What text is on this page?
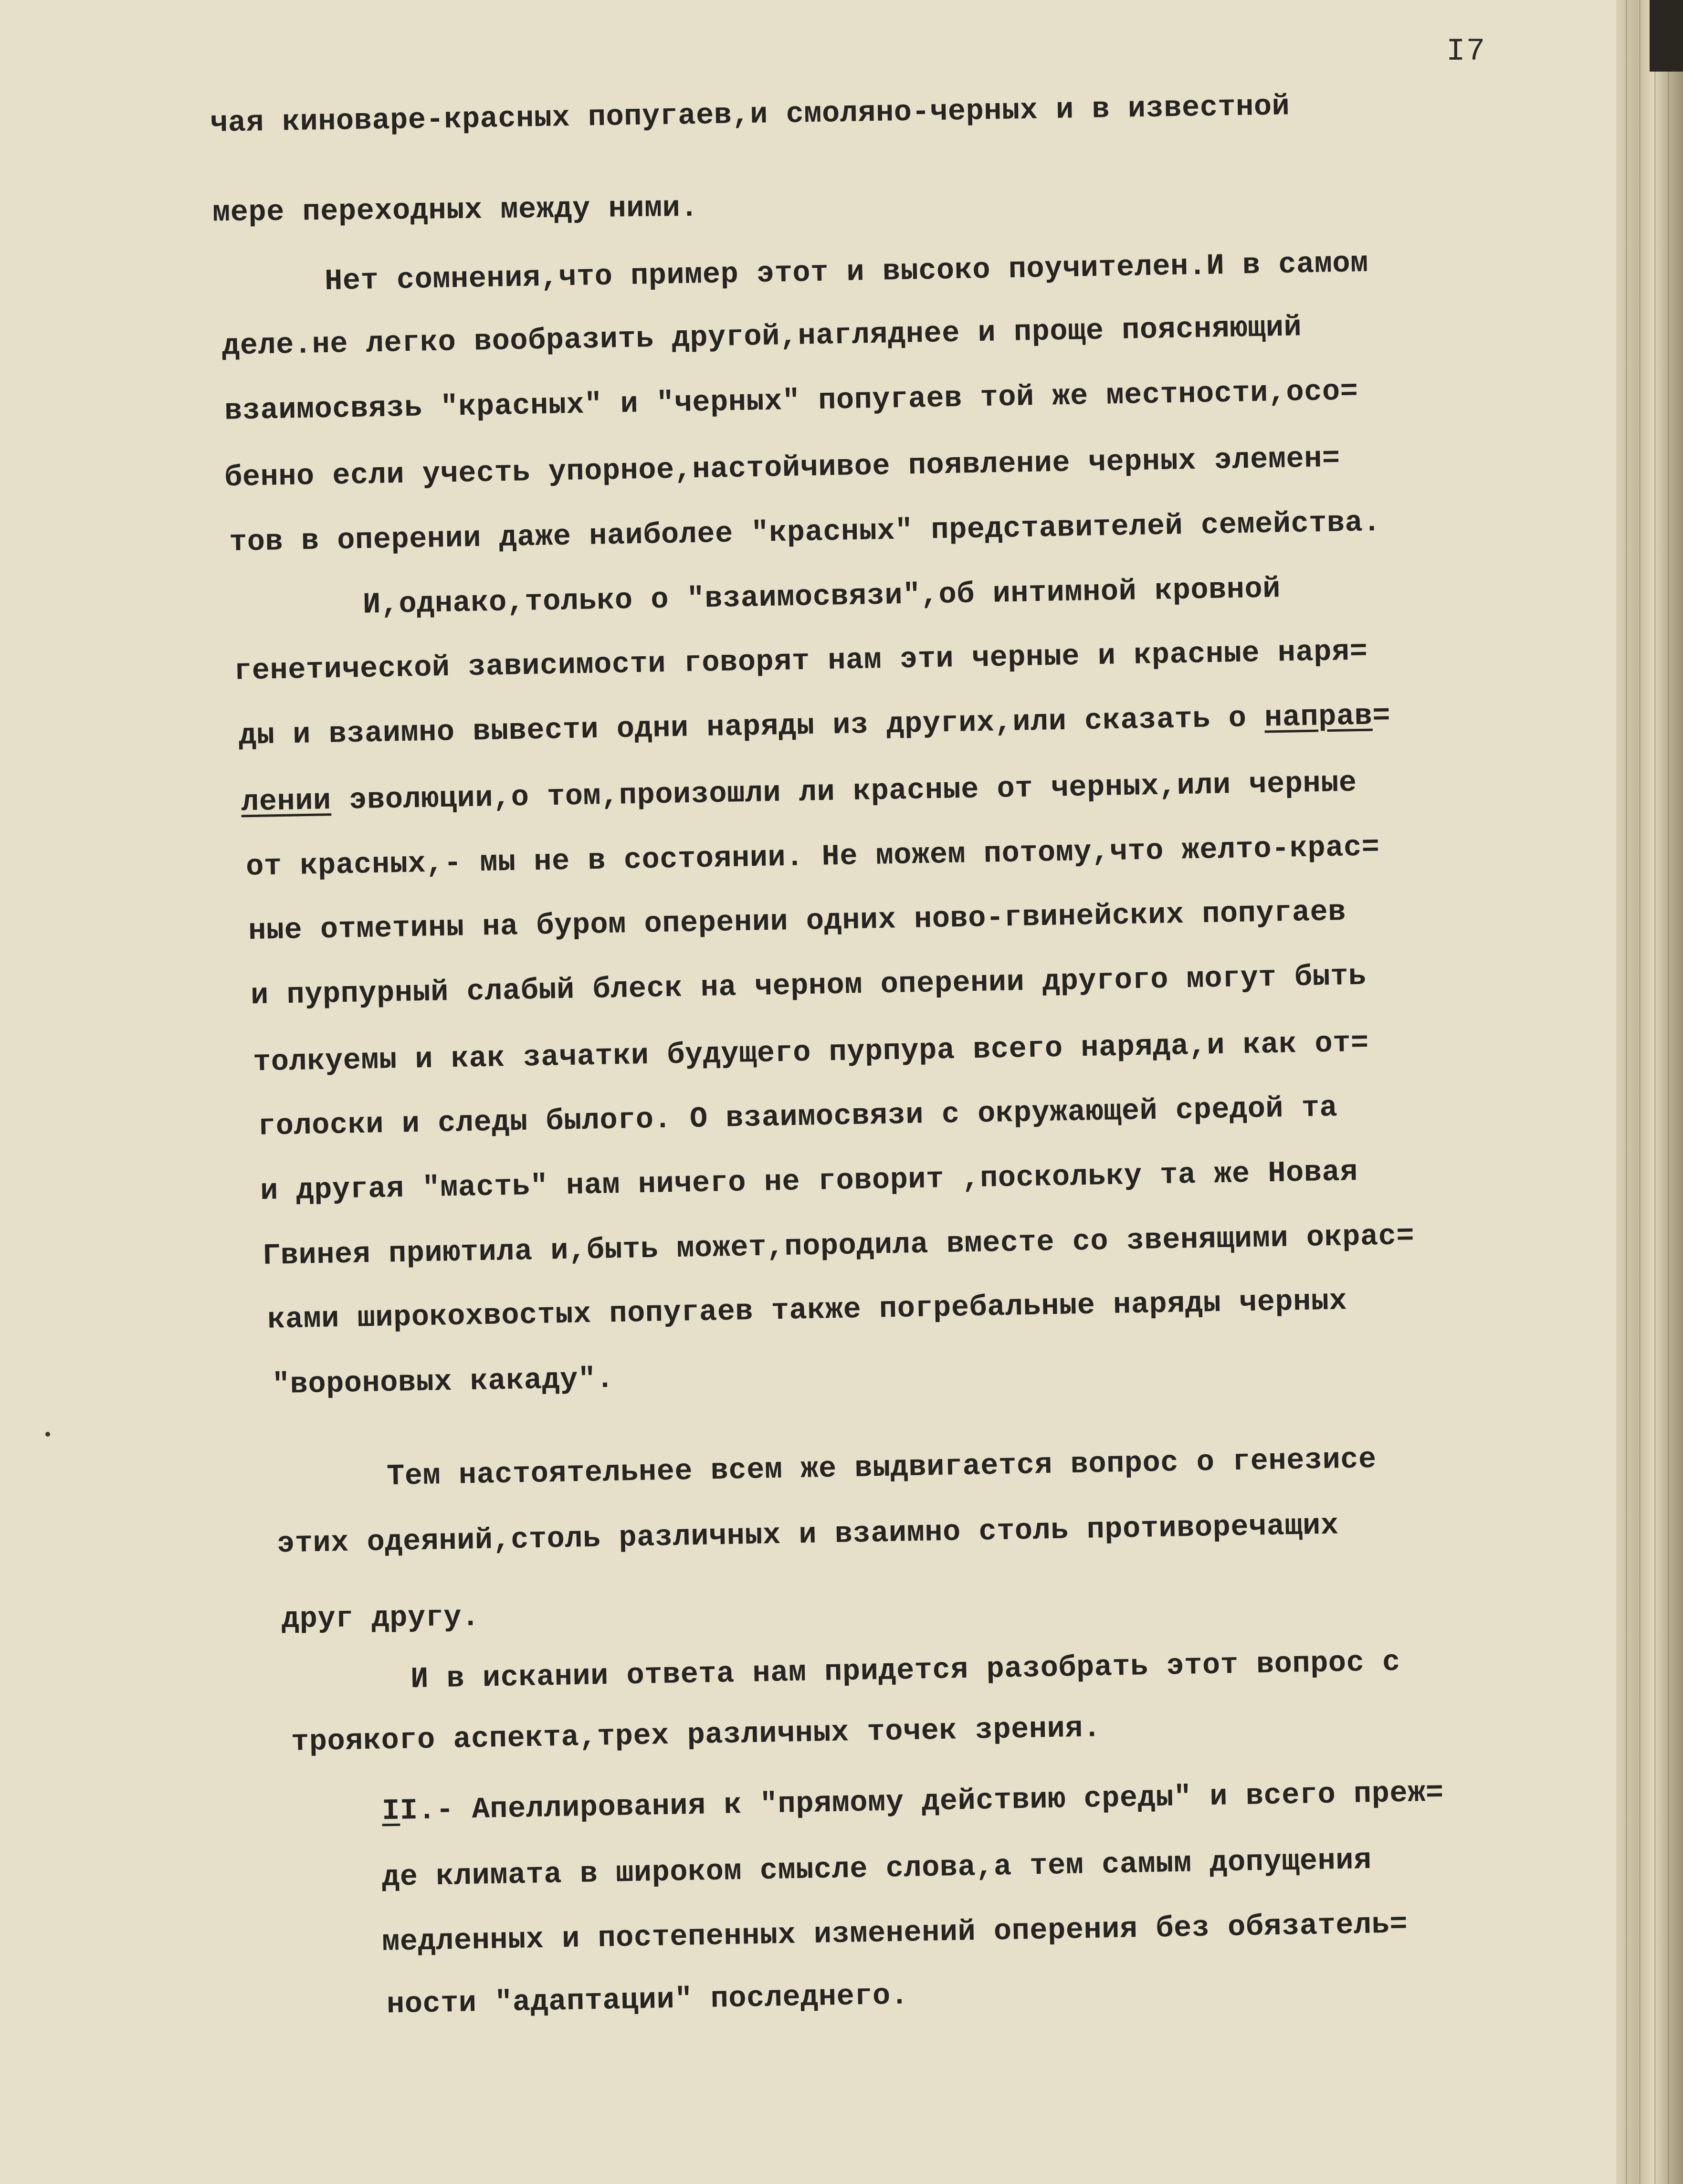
I7
чая киноваре-красных попугаев,и смоляно-черных и в известной
мере переходных между ними.
Нет сомнения,что пример этот и высоко поучителен.И в самом
деле.не легко вообразить другой,нагляднее и проще поясняющий
взаимосвязь "красных" и "черных" попугаев той же местности,осо=
бенно если учесть упорное,настойчивое появление черных элемен=
тов в оперении даже наиболее "красных" представителей семейства.
И,однако,только о "взаимосвязи",об интимной кровной
генетической зависимости говорят нам эти черные и красные наря=
ды и взаимно вывести одни наряды из других,или сказать о направ=
лении эволюции,о том,произошли ли красные от черных,или черные
от красных,- мы не в состоянии. Не можем потому,что желто-крас=
ные отметины на буром оперении одних ново-гвинейских попугаев
и пурпурный слабый блеск на черном оперении другого могут быть
толкуемы и как зачатки будущего пурпура всего наряда,и как от=
голоски и следы былого. О взаимосвязи с окружающей средой та
и другая "масть" нам ничего не говорит ,поскольку та же Новая
Гвинея приютила и,быть может,породила вместе со звенящими окрас=
ками широкохвостых попугаев также погребальные наряды черных
"вороновых какаду".
Тем настоятельнее всем же выдвигается вопрос о генезисе
этих одеяний,столь различных и взаимно столь противоречащих
друг другу.
И в искании ответа нам придется разобрать этот вопрос с
троякого аспекта,трех различных точек зрения.
II.- Апеллирования к "прямому действию среды" и всего преж=
де климата в широком смысле слова,а тем самым допущения
медленных и постепенных изменений оперения без обязатель=
ности "адаптации" последнего.
